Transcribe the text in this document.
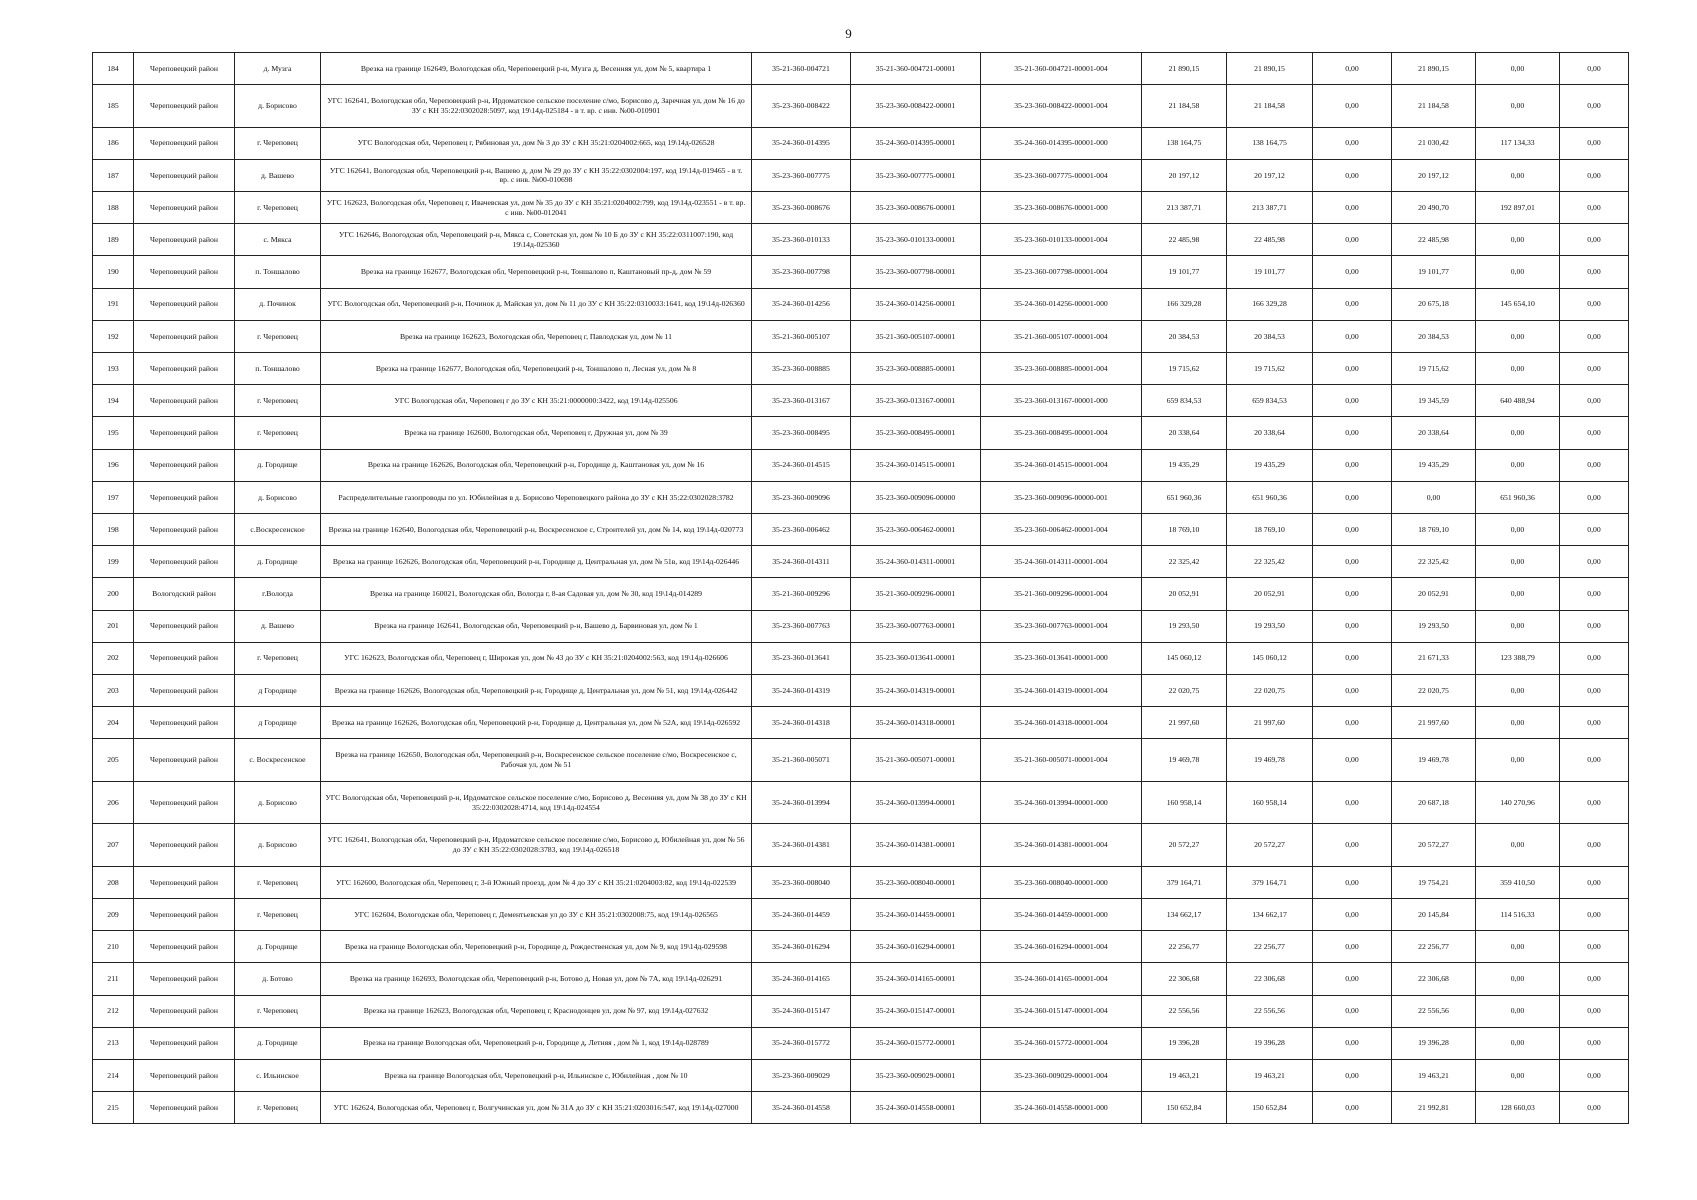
9
184	Череповецкий район	д. Музга	Врезка на границе 162649, Вологодская обл, Череповецкий р-н, Музга д, Весенняя ул, дом № 5, квартира 1	35-21-360-004721	35-21-360-004721-00001	35-21-360-004721-00001-004	21 890,15	21 890,15	0,00	21 890,15	0,00	0,00
185	Череповецкий район	д. Борисово	УГС 162641, Вологодская обл, Череповецкий р-н, Ирдоматское сельское поселение с/мо, Борисово д, Заречная ул, дом № 16 до ЗУ с КН 35:22:0302028:5097, код 19\14д-025184 - в т. вр. с инв. №00-010901	35-23-360-008422	35-23-360-008422-00001	35-23-360-008422-00001-004	21 184,58	21 184,58	0,00	21 184,58	0,00	0,00
186	Череповецкий район	г. Череповец	УГС Вологодская обл, Череповец г, Рябиновая ул, дом № 3 до ЗУ с КН 35:21:0204002:665, код 19\14д-026528	35-24-360-014395	35-24-360-014395-00001	35-24-360-014395-00001-000	138 164,75	138 164,75	0,00	21 030,42	117 134,33	0,00
187	Череповецкий район	д. Вашево	УГС 162641, Вологодская обл, Череповецкий р-н, Вашево д, дом № 29 до ЗУ с КН 35:22:0302004:197, код 19\14д-019465 - в т. вр. с инв. №00-010698	35-23-360-007775	35-23-360-007775-00001	35-23-360-007775-00001-004	20 197,12	20 197,12	0,00	20 197,12	0,00	0,00
188	Череповецкий район	г. Череповец	УГС 162623, Вологодская обл, Череповец г, Ивачевская ул, дом № 35 до ЗУ с КН 35:21:0204002:799, код 19\14д-023551 - в т. вр. с инв. №00-012041	35-23-360-008676	35-23-360-008676-00001	35-23-360-008676-00001-000	213 387,71	213 387,71	0,00	20 490,70	192 897,01	0,00
189	Череповецкий район	с. Мякса	УГС 162646, Вологодская обл, Череповецкий р-н, Мякса с, Советская ул, дом № 10 Б до ЗУ с КН 35:22:0311007:190, код 19\14д-025360	35-23-360-010133	35-23-360-010133-00001	35-23-360-010133-00001-004	22 485,98	22 485,98	0,00	22 485,98	0,00	0,00
190	Череповецкий район	п. Тоншалово	Врезка на границе 162677, Вологодская обл, Череповецкий р-н, Тоншалово п, Каштановый пр-д, дом № 59	35-23-360-007798	35-23-360-007798-00001	35-23-360-007798-00001-004	19 101,77	19 101,77	0,00	19 101,77	0,00	0,00
191	Череповецкий район	д. Починок	УГС Вологодская обл, Череповецкий р-н, Починок д, Майская ул, дом № 11 до ЗУ с КН 35:22:0310033:1641, код 19\14д-026360	35-24-360-014256	35-24-360-014256-00001	35-24-360-014256-00001-000	166 329,28	166 329,28	0,00	20 675,18	145 654,10	0,00
192	Череповецкий район	г. Череповец	Врезка на границе 162623, Вологодская обл, Череповец г, Павлодская ул, дом № 11	35-21-360-005107	35-21-360-005107-00001	35-21-360-005107-00001-004	20 384,53	20 384,53	0,00	20 384,53	0,00	0,00
193	Череповецкий район	п. Тоншалово	Врезка на границе 162677, Вологодская обл, Череповецкий р-н, Тоншалово п, Лесная ул, дом № 8	35-23-360-008885	35-23-360-008885-00001	35-23-360-008885-00001-004	19 715,62	19 715,62	0,00	19 715,62	0,00	0,00
194	Череповецкий район	г. Череповец	УГС Вологодская обл, Череповец г до ЗУ с КН 35:21:0000000:3422, код 19\14д-025506	35-23-360-013167	35-23-360-013167-00001	35-23-360-013167-00001-000	659 834,53	659 834,53	0,00	19 345,59	640 488,94	0,00
195	Череповецкий район	г. Череповец	Врезка на границе 162600, Вологодская обл, Череповец г, Дружная ул, дом № 39	35-23-360-008495	35-23-360-008495-00001	35-23-360-008495-00001-004	20 338,64	20 338,64	0,00	20 338,64	0,00	0,00
196	Череповецкий район	д. Городище	Врезка на границе 162626, Вологодская обл, Череповецкий р-н, Городище д, Каштановая ул, дом № 16	35-24-360-014515	35-24-360-014515-00001	35-24-360-014515-00001-004	19 435,29	19 435,29	0,00	19 435,29	0,00	0,00
197	Череповецкий район	д. Борисово	Распределительные газопроводы по ул. Юбилейная в д. Борисово Череповецкого района до ЗУ с КН 35:22:0302028:3782	35-23-360-009096	35-23-360-009096-00000	35-23-360-009096-00000-001	651 960,36	651 960,36	0,00	0,00	651 960,36	0,00
198	Череповецкий район	с.Воскресенское	Врезка на границе 162640, Вологодская обл, Череповецкий р-н, Воскресенское с, Строителей ул, дом № 14, код 19\14д-020773	35-23-360-006462	35-23-360-006462-00001	35-23-360-006462-00001-004	18 769,10	18 769,10	0,00	18 769,10	0,00	0,00
199	Череповецкий район	д. Городище	Врезка на границе 162626, Вологодская обл, Череповецкий р-н, Городище д, Центральная ул, дом № 51в, код 19\14д-026446	35-24-360-014311	35-24-360-014311-00001	35-24-360-014311-00001-004	22 325,42	22 325,42	0,00	22 325,42	0,00	0,00
200	Вологодский район	г.Вологда	Врезка на границе 160021, Вологодская обл, Вологда г, 8-ая Садовая ул, дом № 30, код 19\14д-014289	35-21-360-009296	35-21-360-009296-00001	35-21-360-009296-00001-004	20 052,91	20 052,91	0,00	20 052,91	0,00	0,00
201	Череповецкий район	д. Вашево	Врезка на границе 162641, Вологодская обл, Череповецкий р-н, Вашево д, Барвиновая ул, дом № 1	35-23-360-007763	35-23-360-007763-00001	35-23-360-007763-00001-004	19 293,50	19 293,50	0,00	19 293,50	0,00	0,00
202	Череповецкий район	г. Череповец	УГС 162623, Вологодская обл, Череповец г, Широкая ул, дом № 43 до ЗУ с КН 35:21:0204002:563, код 19\14д-026606	35-23-360-013641	35-23-360-013641-00001	35-23-360-013641-00001-000	145 060,12	145 060,12	0,00	21 671,33	123 388,79	0,00
203	Череповецкий район	д Городище	Врезка на границе 162626, Вологодская обл, Череповецкий р-н, Городище д, Центральная ул, дом № 51, код 19\14д-026442	35-24-360-014319	35-24-360-014319-00001	35-24-360-014319-00001-004	22 020,75	22 020,75	0,00	22 020,75	0,00	0,00
204	Череповецкий район	д Городище	Врезка на границе 162626, Вологодская обл, Череповецкий р-н, Городище д, Центральная ул, дом № 52А, код 19\14д-026592	35-24-360-014318	35-24-360-014318-00001	35-24-360-014318-00001-004	21 997,60	21 997,60	0,00	21 997,60	0,00	0,00
205	Череповецкий район	с. Воскресенское	Врезка на границе 162650, Вологодская обл, Череповецкий р-н, Воскресенское сельское поселение с/мо, Воскресенское с, Рабочая ул, дом № 51	35-21-360-005071	35-21-360-005071-00001	35-21-360-005071-00001-004	19 469,78	19 469,78	0,00	19 469,78	0,00	0,00
206	Череповецкий район	д. Борисово	УГС Вологодская обл, Череповецкий р-н, Ирдоматское сельское поселение с/мо, Борисово д, Весенняя ул, дом № 38 до ЗУ с КН 35:22:0302028:4714, код 19\14д-024554	35-24-360-013994	35-24-360-013994-00001	35-24-360-013994-00001-000	160 958,14	160 958,14	0,00	20 687,18	140 270,96	0,00
207	Череповецкий район	д. Борисово	УГС 162641, Вологодская обл, Череповецкий р-н, Ирдоматское сельское поселение с/мо, Борисово д, Юбилейная ул, дом № 56 до ЗУ с КН 35:22:0302028:3783, код 19\14д-026518	35-24-360-014381	35-24-360-014381-00001	35-24-360-014381-00001-004	20 572,27	20 572,27	0,00	20 572,27	0,00	0,00
208	Череповецкий район	г. Череповец	УГС 162600, Вологодская обл, Череповец г, 3-й Южный проезд, дом № 4 до ЗУ с КН 35:21:0204003:82, код 19\14д-022539	35-23-360-008040	35-23-360-008040-00001	35-23-360-008040-00001-000	379 164,71	379 164,71	0,00	19 754,21	359 410,50	0,00
209	Череповецкий район	г. Череповец	УГС 162604, Вологодская обл, Череповец г, Дементьевская ул до ЗУ с КН 35:21:0302008:75, код 19\14д-026565	35-24-360-014459	35-24-360-014459-00001	35-24-360-014459-00001-000	134 662,17	134 662,17	0,00	20 145,84	114 516,33	0,00
210	Череповецкий район	д. Городище	Врезка на границе Вологодская обл, Череповецкий р-н, Городище д, Рождественская ул, дом № 9, код 19\14д-029598	35-24-360-016294	35-24-360-016294-00001	35-24-360-016294-00001-004	22 256,77	22 256,77	0,00	22 256,77	0,00	0,00
211	Череповецкий район	д. Ботово	Врезка на границе 162693, Вологодская обл, Череповецкий р-н, Ботово д, Новая ул, дом № 7А, код 19\14д-026291	35-24-360-014165	35-24-360-014165-00001	35-24-360-014165-00001-004	22 306,68	22 306,68	0,00	22 306,68	0,00	0,00
212	Череповецкий район	г. Череповец	Врезка на границе 162623, Вологодская обл, Череповец г, Краснодонцев ул, дом № 97, код 19\14д-027632	35-24-360-015147	35-24-360-015147-00001	35-24-360-015147-00001-004	22 556,56	22 556,56	0,00	22 556,56	0,00	0,00
213	Череповецкий район	д. Городище	Врезка на границе Вологодская обл, Череповецкий р-н, Городище д, Летняя , дом № 1, код 19\14д-028789	35-24-360-015772	35-24-360-015772-00001	35-24-360-015772-00001-004	19 396,28	19 396,28	0,00	19 396,28	0,00	0,00
214	Череповецкий район	с. Ильинское	Врезка на границе Вологодская обл, Череповецкий р-н, Ильинское с, Юбилейная , дом № 10	35-23-360-009029	35-23-360-009029-00001	35-23-360-009029-00001-004	19 463,21	19 463,21	0,00	19 463,21	0,00	0,00
215	Череповецкий район	г. Череповец	УГС 162624, Вологодская обл, Череповец г, Волгучинская ул, дом № 31А до ЗУ с КН 35:21:0203016:547, код 19\14д-027000	35-24-360-014558	35-24-360-014558-00001	35-24-360-014558-00001-000	150 652,84	150 652,84	0,00	21 992,81	128 660,03	0,00
